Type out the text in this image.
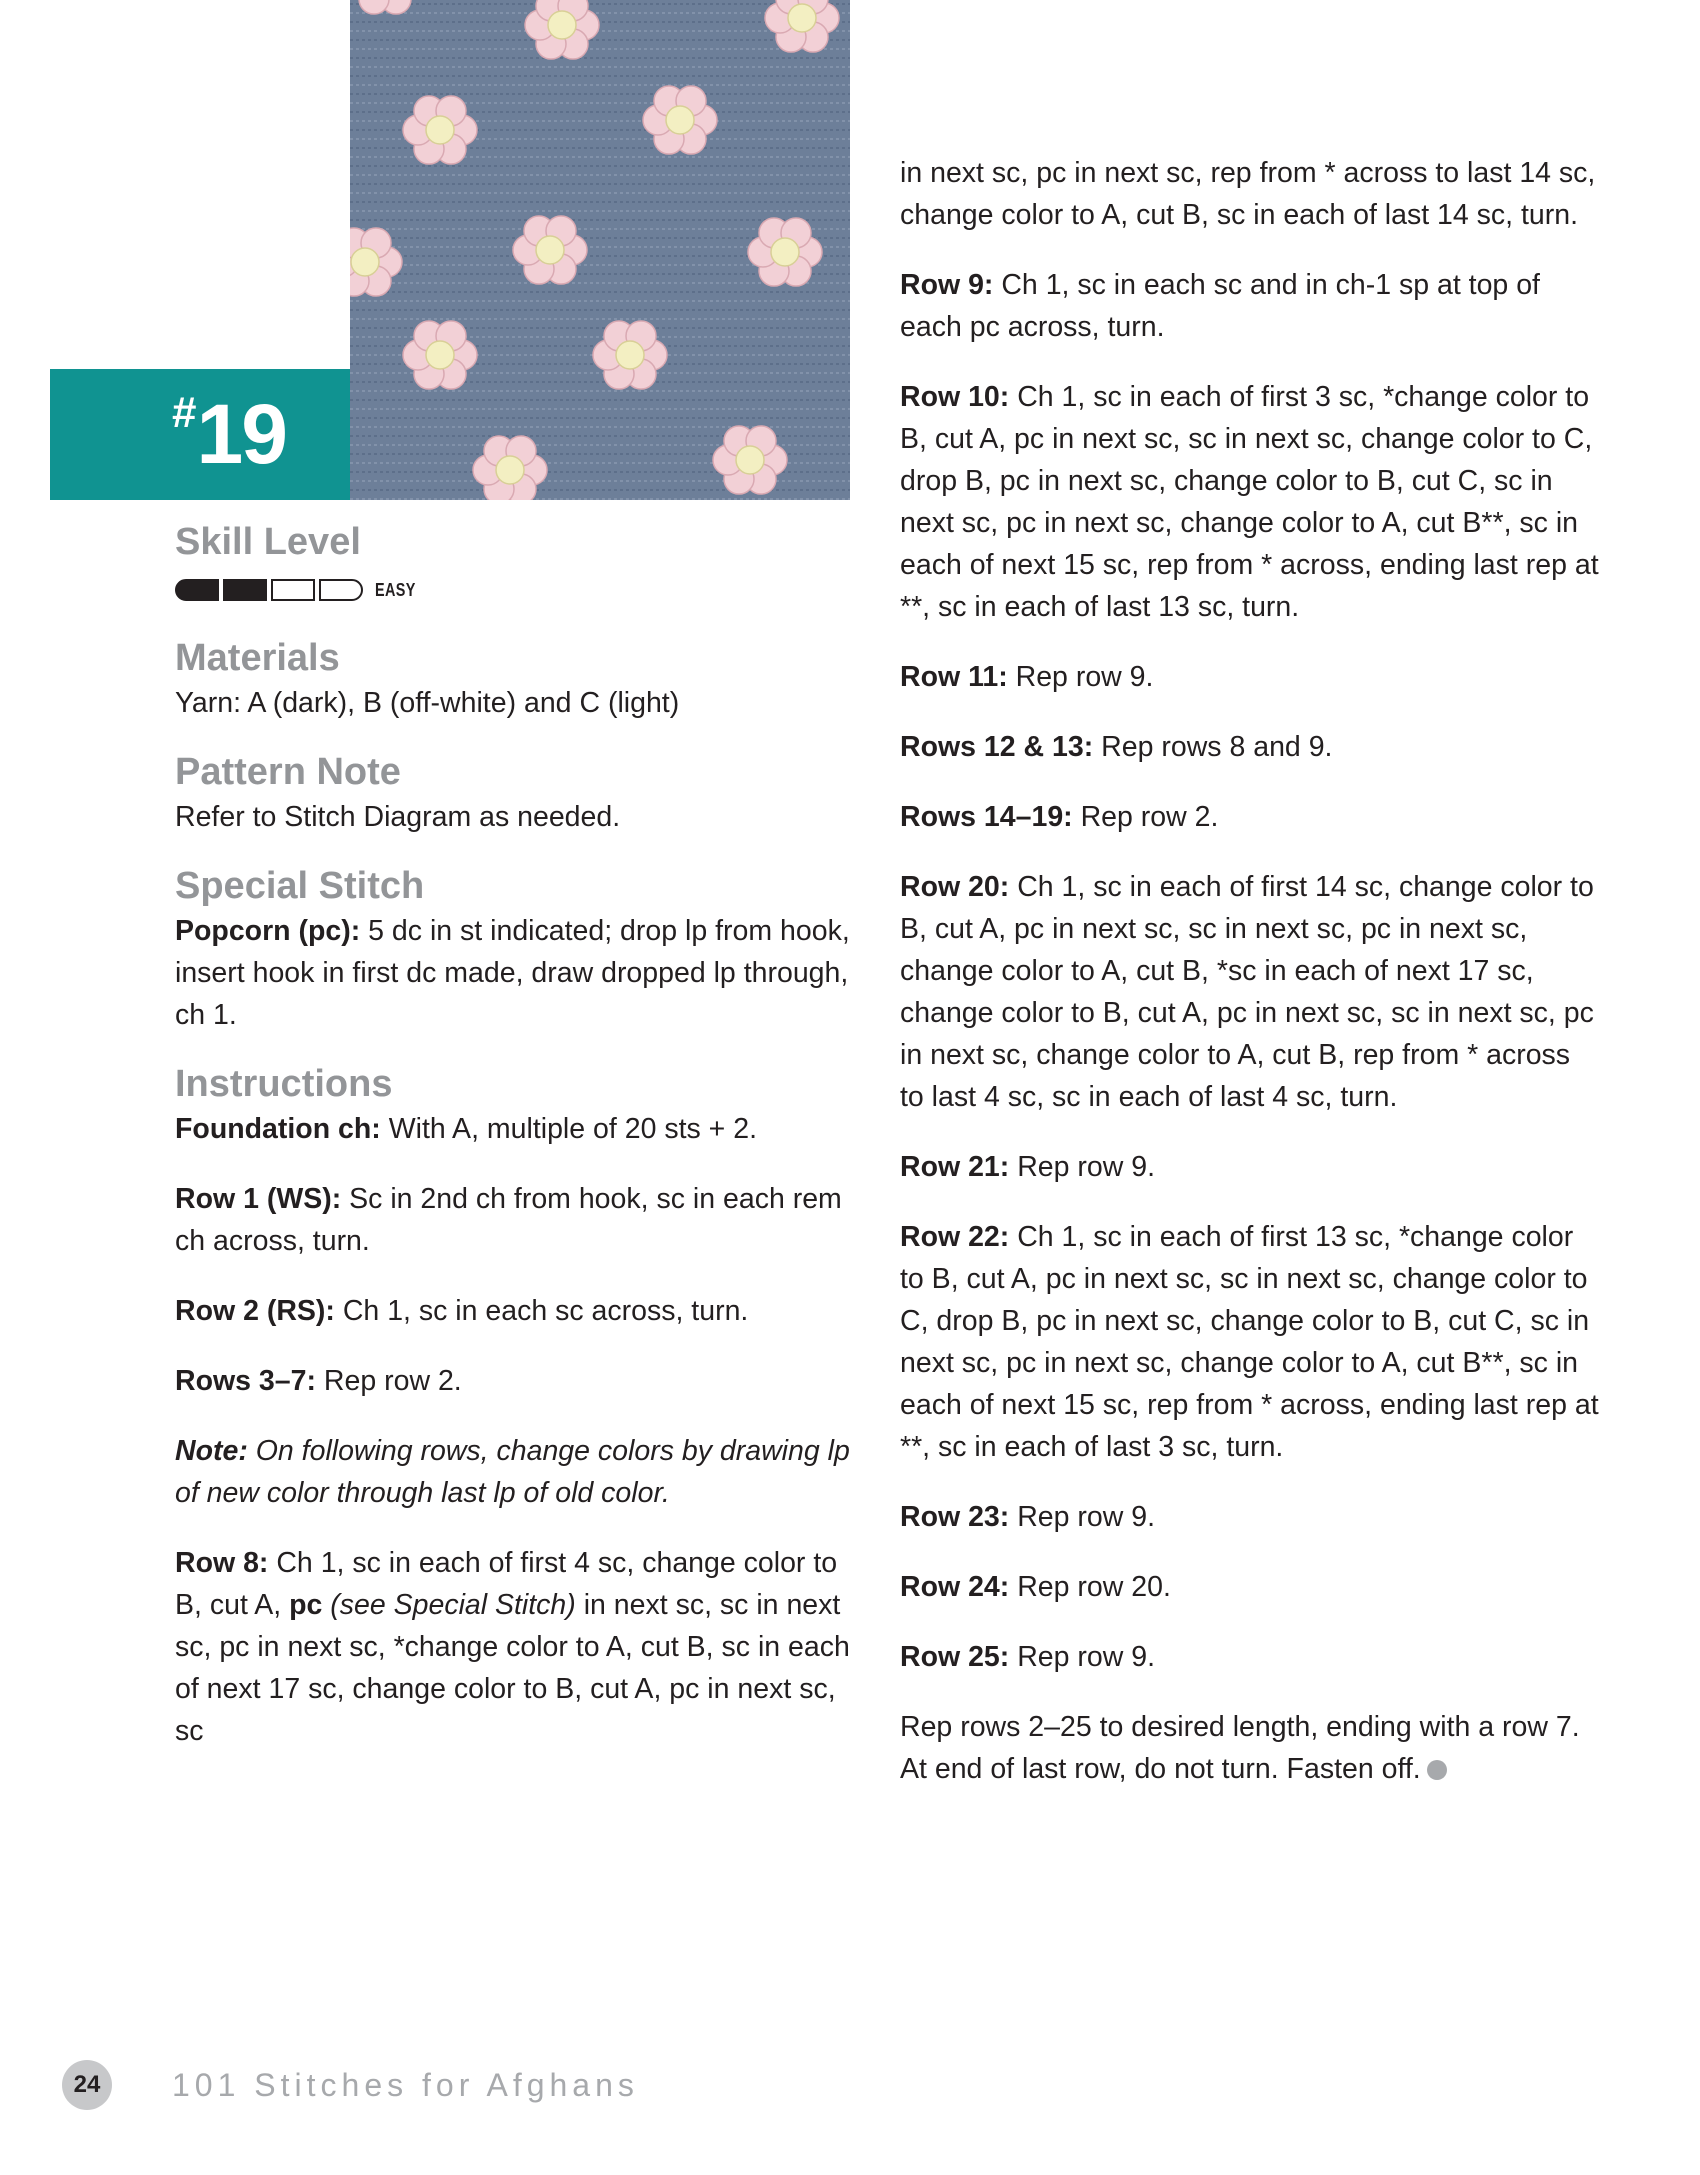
#19
Skill Level
EASY
Materials

Yarn: A (dark), B (off-white) and C (light)

Pattern Note

Refer to Stitch Diagram as needed.

Special Stitch

Popcorn (pc): 5 dc in st indicated; drop lp from hook, insert hook in first dc made, draw dropped lp through, ch 1.

Instructions

Foundation ch: With A, multiple of 20 sts + 2.

Row 1 (WS): Sc in 2nd ch from hook, sc in each rem ch across, turn.

Row 2 (RS): Ch 1, sc in each sc across, turn.

Rows 3–7: Rep row 2.

Note: On following rows, change colors by drawing lp of new color through last lp of old color.

Row 8: Ch 1, sc in each of first 4 sc, change color to B, cut A, pc (see Special Stitch) in next sc, sc in next sc, pc in next sc, *change color to A, cut B, sc in each of next 17 sc, change color to B, cut A, pc in next sc, sc

in next sc, pc in next sc, rep from * across to last 14 sc, change color to A, cut B, sc in each of last 14 sc, turn.

Row 9: Ch 1, sc in each sc and in ch-1 sp at top of each pc across, turn.

Row 10: Ch 1, sc in each of first 3 sc, *change color to B, cut A, pc in next sc, sc in next sc, change color to C, drop B, pc in next sc, change color to B, cut C, sc in next sc, pc in next sc, change color to A, cut B**, sc in each of next 15 sc, rep from * across, ending last rep at **, sc in each of last 13 sc, turn.

Row 11: Rep row 9.

Rows 12 & 13: Rep rows 8 and 9.

Rows 14–19: Rep row 2.

Row 20: Ch 1, sc in each of first 14 sc, change color to B, cut A, pc in next sc, sc in next sc, pc in next sc, change color to A, cut B, *sc in each of next 17 sc, change color to B, cut A, pc in next sc, sc in next sc, pc in next sc, change color to A, cut B, rep from * across to last 4 sc, sc in each of last 4 sc, turn.

Row 21: Rep row 9.

Row 22: Ch 1, sc in each of first 13 sc, *change color to B, cut A, pc in next sc, sc in next sc, change color to C, drop B, pc in next sc, change color to B, cut C, sc in next sc, pc in next sc, change color to A, cut B**, sc in each of next 15 sc, rep from * across, ending last rep at **, sc in each of last 3 sc, turn.

Row 23: Rep row 9.

Row 24: Rep row 20.

Row 25: Rep row 9.

Rep rows 2–25 to desired length, ending with a row 7. At end of last row, do not turn. Fasten off.

24	101 Stitches for Afghans
